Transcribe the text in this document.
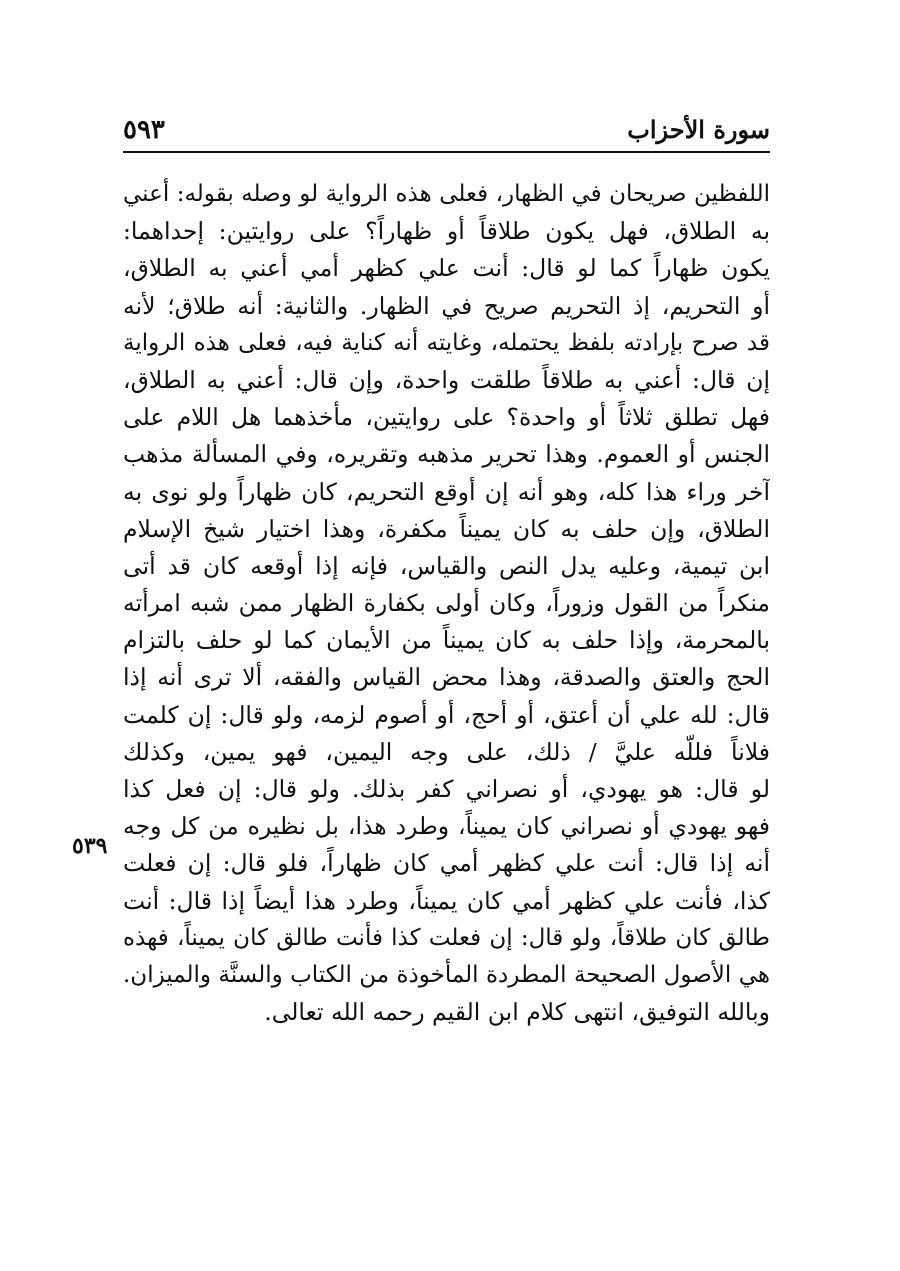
سورة الأحزاب
٥٩٣
اللفظين صريحان في الظهار، فعلى هذه الرواية لو وصله بقوله: أعني
به الطلاق، فهل يكون طلاقاً أو ظهاراً؟ على روايتين: إحداهما:
يكون ظهاراً كما لو قال: أنت علي كظهر أمي أعني به الطلاق،
أو التحريم، إذ التحريم صريح في الظهار. والثانية: أنه طلاق؛ لأنه
قد صرح بإرادته بلفظ يحتمله، وغايته أنه كناية فيه، فعلى هذه الرواية
إن قال: أعني به طلاقاً طلقت واحدة، وإن قال: أعني به الطلاق،
فهل تطلق ثلاثاً أو واحدة؟ على روايتين، مأخذهما هل اللام على
الجنس أو العموم. وهذا تحرير مذهبه وتقريره، وفي المسألة مذهب
آخر وراء هذا كله، وهو أنه إن أوقع التحريم، كان ظهاراً ولو نوى به
الطلاق، وإن حلف به كان يميناً مكفرة، وهذا اختيار شيخ الإسلام
ابن تيمية، وعليه يدل النص والقياس، فإنه إذا أوقعه كان قد أتى
منكراً من القول وزوراً، وكان أولى بكفارة الظهار ممن شبه امرأته
بالمحرمة، وإذا حلف به كان يميناً من الأيمان كما لو حلف بالتزام
الحج والعتق والصدقة، وهذا محض القياس والفقه، ألا ترى أنه إذا
قال: لله علي أن أعتق، أو أحج، أو أصوم لزمه، ولو قال: إن كلمت
فلاناً فللَّه عليَّ / ذلك، على وجه اليمين، فهو يمين، وكذلك
لو قال: هو يهودي، أو نصراني كفر بذلك. ولو قال: إن فعل كذا
فهو يهودي أو نصراني كان يميناً، وطرد هذا، بل نظيره من كل وجه
أنه إذا قال: أنت علي كظهر أمي كان ظهاراً، فلو قال: إن فعلت
كذا، فأنت علي كظهر أمي كان يميناً، وطرد هذا أيضاً إذا قال: أنت
طالق كان طلاقاً، ولو قال: إن فعلت كذا فأنت طالق كان يميناً، فهذه
هي الأصول الصحيحة المطردة المأخوذة من الكتاب والسنَّة والميزان.
وبالله التوفيق، انتهى كلام ابن القيم رحمه الله تعالى.
٥٣٩
